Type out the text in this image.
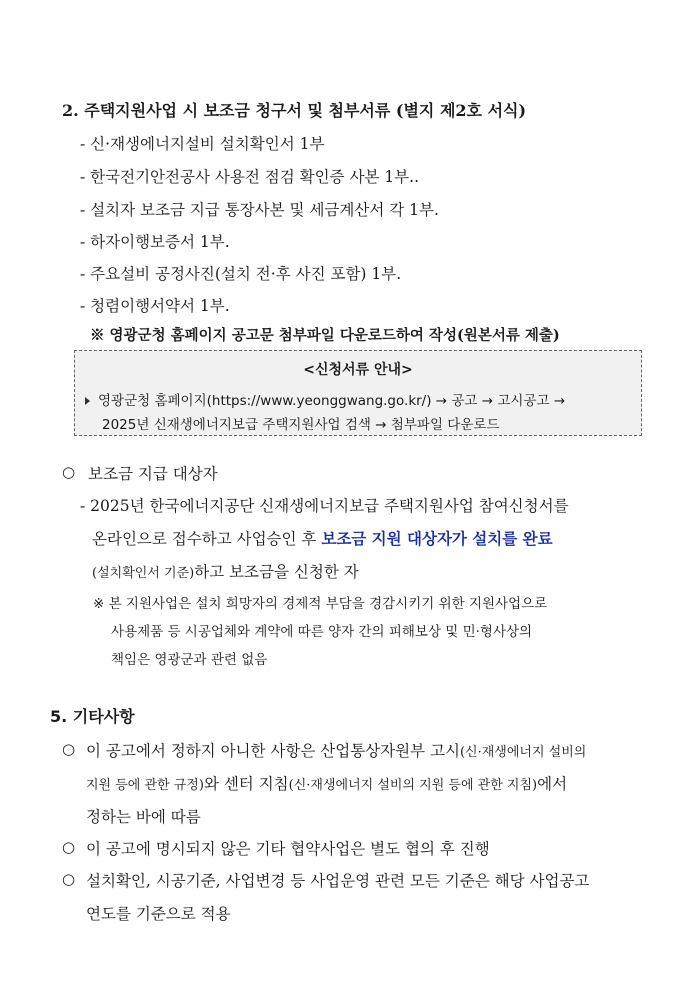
2. 주택지원사업 시 보조금 청구서 및 첨부서류 (별지 제2호 서식)
- 신·재생에너지설비 설치확인서 1부
- 한국전기안전공사 사용전 점검 확인증 사본 1부..
- 설치자 보조금 지급 통장사본 및 세금계산서 각 1부.
- 하자이행보증서 1부.
- 주요설비 공정사진(설치 전·후 사진 포함) 1부.
- 청렴이행서약서 1부.
※ 영광군청 홈페이지 공고문 첨부파일 다운로드하여 작성(원본서류 제출)
<신청서류 안내>
영광군청 홈페이지(https://www.yeonggwang.go.kr/) → 공고 → 고시공고 →
2025년 신재생에너지보급 주택지원사업 검색 → 첨부파일 다운로드
○ 보조금 지급 대상자
- 2025년 한국에너지공단 신재생에너지보급 주택지원사업 참여신청서를
온라인으로 접수하고 사업승인 후 보조금 지원 대상자가 설치를 완료
(설치확인서 기준)하고 보조금을 신청한 자
※ 본 지원사업은 설치 희망자의 경제적 부담을 경감시키기 위한 지원사업으로
사용제품 등 시공업체와 계약에 따른 양자 간의 피해보상 및 민·형사상의
책임은 영광군과 관련 없음
5. 기타사항
○ 이 공고에서 정하지 아니한 사항은 산업통상자원부 고시(신·재생에너지 설비의
지원 등에 관한 규정)와 센터 지침(신·재생에너지 설비의 지원 등에 관한 지침)에서
정하는 바에 따름
○ 이 공고에 명시되지 않은 기타 협약사업은 별도 협의 후 진행
○ 설치확인, 시공기준, 사업변경 등 사업운영 관련 모든 기준은 해당 사업공고
연도를 기준으로 적용
